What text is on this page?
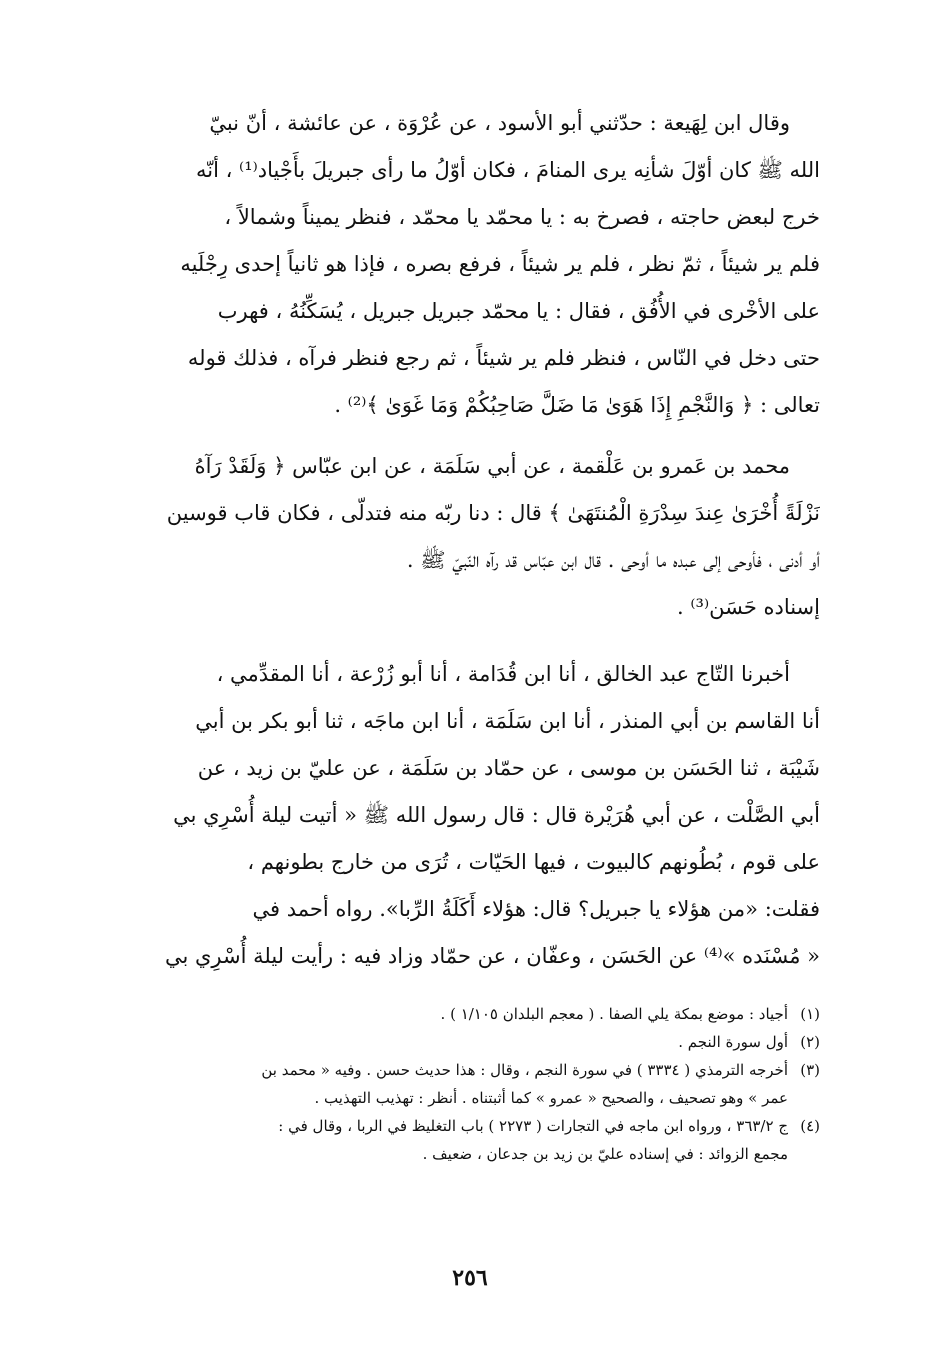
وقال ابن لِهَيعة : حدّثني أبو الأسود ، عن عُرْوَة ، عن عائشة ، أنّ نبيّ
الله ﷺ كان أوّلَ شأنِه يرى المنامَ ، فكان أوّلُ ما رأى جبريلَ بأَجْياد⁽¹⁾ ، أنّه
خرج لبعض حاجته ، فصرخ به : يا محمّد يا محمّد ، فنظر يميناً وشمالاً ،
فلم ير شيئاً ، ثمّ نظر ، فلم ير شيئاً ، فرفع بصره ، فإذا هو ثانياً إحدى رِجْلَيه
على الأخْرى في الأُفُق ، فقال : يا محمّد جبريل جبريل ، يُسَكِّنُهُ ، فهرب
حتى دخل في النّاس ، فنظر فلم ير شيئاً ، ثم رجع فنظر فرآه ، فذلك قوله
تعالى : ﴿ وَالنَّجْمِ إِذَا هَوَىٰ مَا ضَلَّ صَاحِبُكُمْ وَمَا غَوَىٰ ﴾⁽²⁾ .

محمد بن عَمرو بن عَلْقمة ، عن أبي سَلَمَة ، عن ابن عبّاس ﴿ وَلَقَدْ رَآهُ
نَزْلَةً أُخْرَىٰ عِندَ سِدْرَةِ الْمُنتَهَىٰ ﴾ قال : دنا ربّه منه فتدلّى ، فكان قاب قوسين
أو أدنى ، فأوحى إلى عبده ما أوحى . قال ابن عبّاس قد رآه النّبيّ ﷺ .
إسناده حَسَن⁽³⁾ .

أخبرنا التّاج عبد الخالق ، أنا ابن قُدَامة ، أنا أبو زُرْعة ، أنا المقدِّمي ،
أنا القاسم بن أبي المنذر ، أنا ابن سَلَمَة ، أنا ابن ماجَه ، ثنا أبو بكر بن أبي
شَيْبَة ، ثنا الحَسَن بن موسى ، عن حمّاد بن سَلَمَة ، عن عليّ بن زيد ، عن
أبي الصَّلْت ، عن أبي هُرَيْرة قال : قال رسول الله ﷺ « أتيت ليلة أُسْرِي بي
على قوم ، بُطُونهم كالبيوت ، فيها الحَيّات ، تُرَى من خارج بطونهم ،
فقلت: «من هؤلاء يا جبريل؟ قال: هؤلاء أَكَلَةُ الرِّبا». رواه أحمد في
« مُسْنَده »⁽⁴⁾ عن الحَسَن ، وعفّان ، عن حمّاد وزاد فيه : رأيت ليلة أُسْرِي بي

(١)
أجياد : موضع بمكة يلي الصفا . ( معجم البلدان ١/١٠٥ ) .
(٢)
أول سورة النجم .
(٣)
أخرجه الترمذي ( ٣٣٣٤ ) في سورة النجم ، وقال : هذا حديث حسن . وفيه « محمد بن
عمر » وهو تصحيف ، والصحيح « عمرو » كما أثبتناه . أنظر : تهذيب التهذيب .
(٤)
ج ٣٦٣/٢ ، ورواه ابن ماجه في التجارات ( ٢٢٧٣ ) باب التغليظ في الربا ، وقال في :
مجمع الزوائد : في إسناده عليّ بن زيد بن جدعان ، ضعيف .
٢٥٦
